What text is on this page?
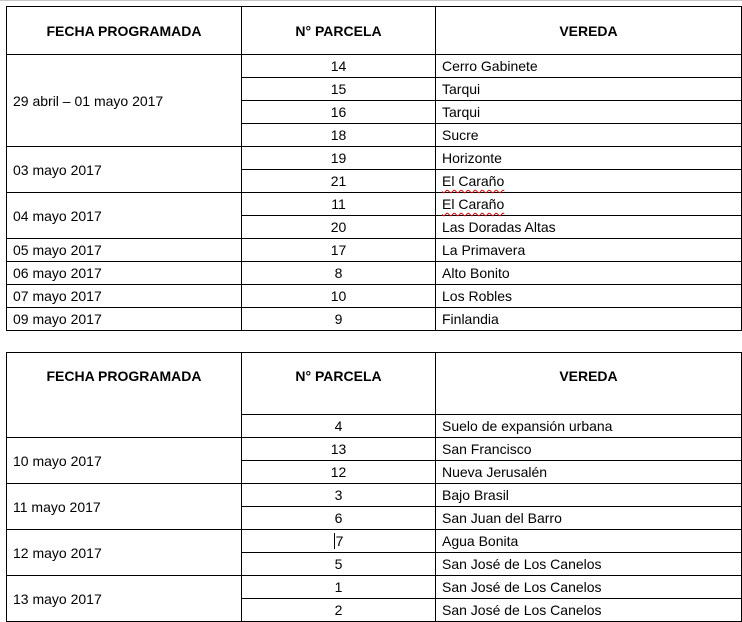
FECHA PROGRAMADA	N° PARCELA	VEREDA
29 abril – 01 mayo 2017	14	Cerro Gabinete
	15	Tarqui
	16	Tarqui
	18	Sucre
03 mayo 2017	19	Horizonte
	21	El Caraño
04 mayo 2017	11	El Caraño
	20	Las Doradas Altas
05 mayo 2017	17	La Primavera
06 mayo 2017	8	Alto Bonito
07 mayo 2017	10	Los Robles
09 mayo 2017	9	Finlandia
FECHA PROGRAMADA	N° PARCELA	VEREDA
	4	Suelo de expansión urbana
10 mayo 2017	13	San Francisco
	12	Nueva Jerusalén
11 mayo 2017	3	Bajo Brasil
	6	San Juan del Barro
12 mayo 2017	7	Agua Bonita
	5	San José de Los Canelos
13 mayo 2017	1	San José de Los Canelos
	2	San José de Los Canelos
